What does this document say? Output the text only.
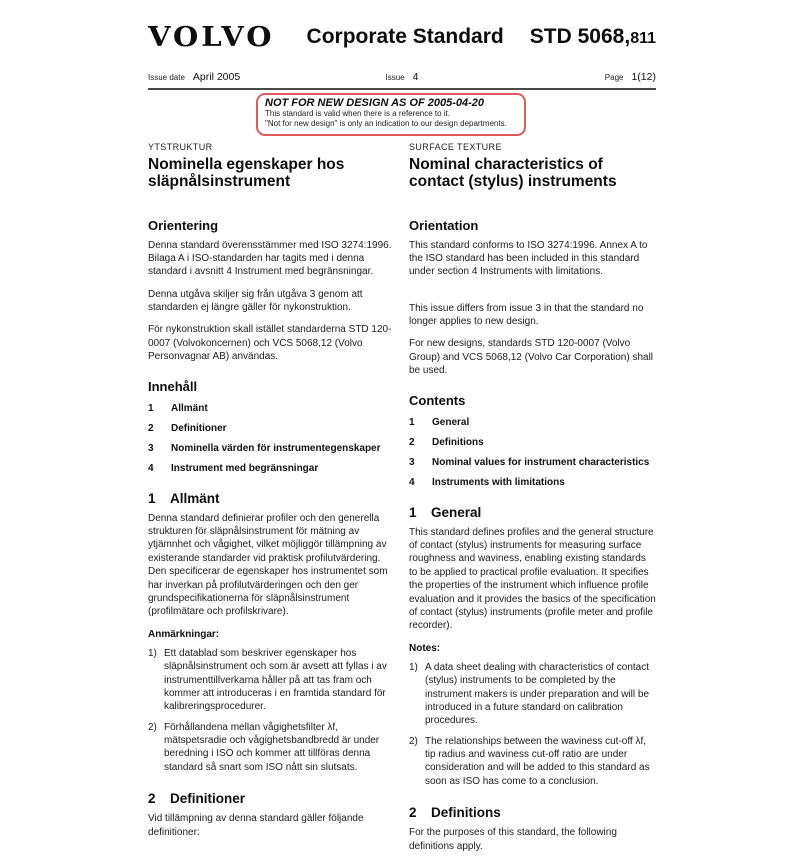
VOLVO	Corporate Standard	STD 5068,811
Issue date April 2005	Issue 4	Page 1(12)
NOT FOR NEW DESIGN AS OF 2005-04-20
This standard is valid when there is a reference to it.
"Not for new design" is only an indication to our design departments.
YTSTRUKTUR
Nominella egenskaper hos släpnålsinstrument
Orientering

Denna standard överensstämmer med ISO 3274:1996. Bilaga A i ISO-standarden har tagits med i denna standard i avsnitt 4 Instrument med begränsningar.

Denna utgåva skiljer sig från utgåva 3 genom att standarden ej längre gäller för nykonstruktion.

För nykonstruktion skall istället standarderna STD 120-0007 (Volvokoncernen) och VCS 5068,12 (Volvo Personvagnar AB) användas.

Innehåll
1	Allmänt
2	Definitioner
3	Nominella värden för instrumentegenskaper
4	Instrument med begränsningar
1	Allmänt

Denna standard definierar profiler och den generella strukturen för släpnålsinstrument för mätning av ytjämnhet och vågighet, vilket möjliggör tillämpning av existerande standarder vid praktisk profilutvärdering. Den specificerar de egenskaper hos instrumentet som har inverkan på profilutvärderingen och den ger grundspecifikationerna för släpnålsinstrument (profilmätare och profilskrivare).

Anmärkningar:
1) Ett datablad som beskriver egenskaper hos släpnålsinstrument och som är avsett att fyllas i av instrumenttillverkarna håller på att tas fram och kommer att introduceras i en framtida standard för kalibreringsprocedurer.
2) Förhållandena mellan vågighetsfilter λf, mätspetsradie och vågighetsbandbredd är under beredning i ISO och kommer att tillföras denna standard så snart som ISO nått sin slutsats.
2	Definitioner

Vid tillämpning av denna standard gäller följande definitioner:

SURFACE TEXTURE
Nominal characteristics of contact (stylus) instruments
Orientation

This standard conforms to ISO 3274:1996. Annex A to the ISO standard has been included in this standard under section 4 Instruments with limitations.

This issue differs from issue 3 in that the standard no longer applies to new design.

For new designs, standards STD 120-0007 (Volvo Group) and VCS 5068,12 (Volvo Car Corporation) shall be used.

Contents
1	General
2	Definitions
3	Nominal values for instrument characteristics
4	Instruments with limitations
1	General

This standard defines profiles and the general structure of contact (stylus) instruments for measuring surface roughness and waviness, enabling existing standards to be applied to practical profile evaluation. It specifies the properties of the instrument which influence profile evaluation and it provides the basics of the specification of contact (stylus) instruments (profile meter and profile recorder).

Notes:
1) A data sheet dealing with characteristics of contact (stylus) instruments to be completed by the instrument makers is under preparation and will be introduced in a future standard on calibration procedures.
2) The relationships between the waviness cut-off λf, tip radius and waviness cut-off ratio are under consideration and will be added to this standard as soon as ISO has come to a conclusion.
2	Definitions

For the purposes of this standard, the following definitions apply.
